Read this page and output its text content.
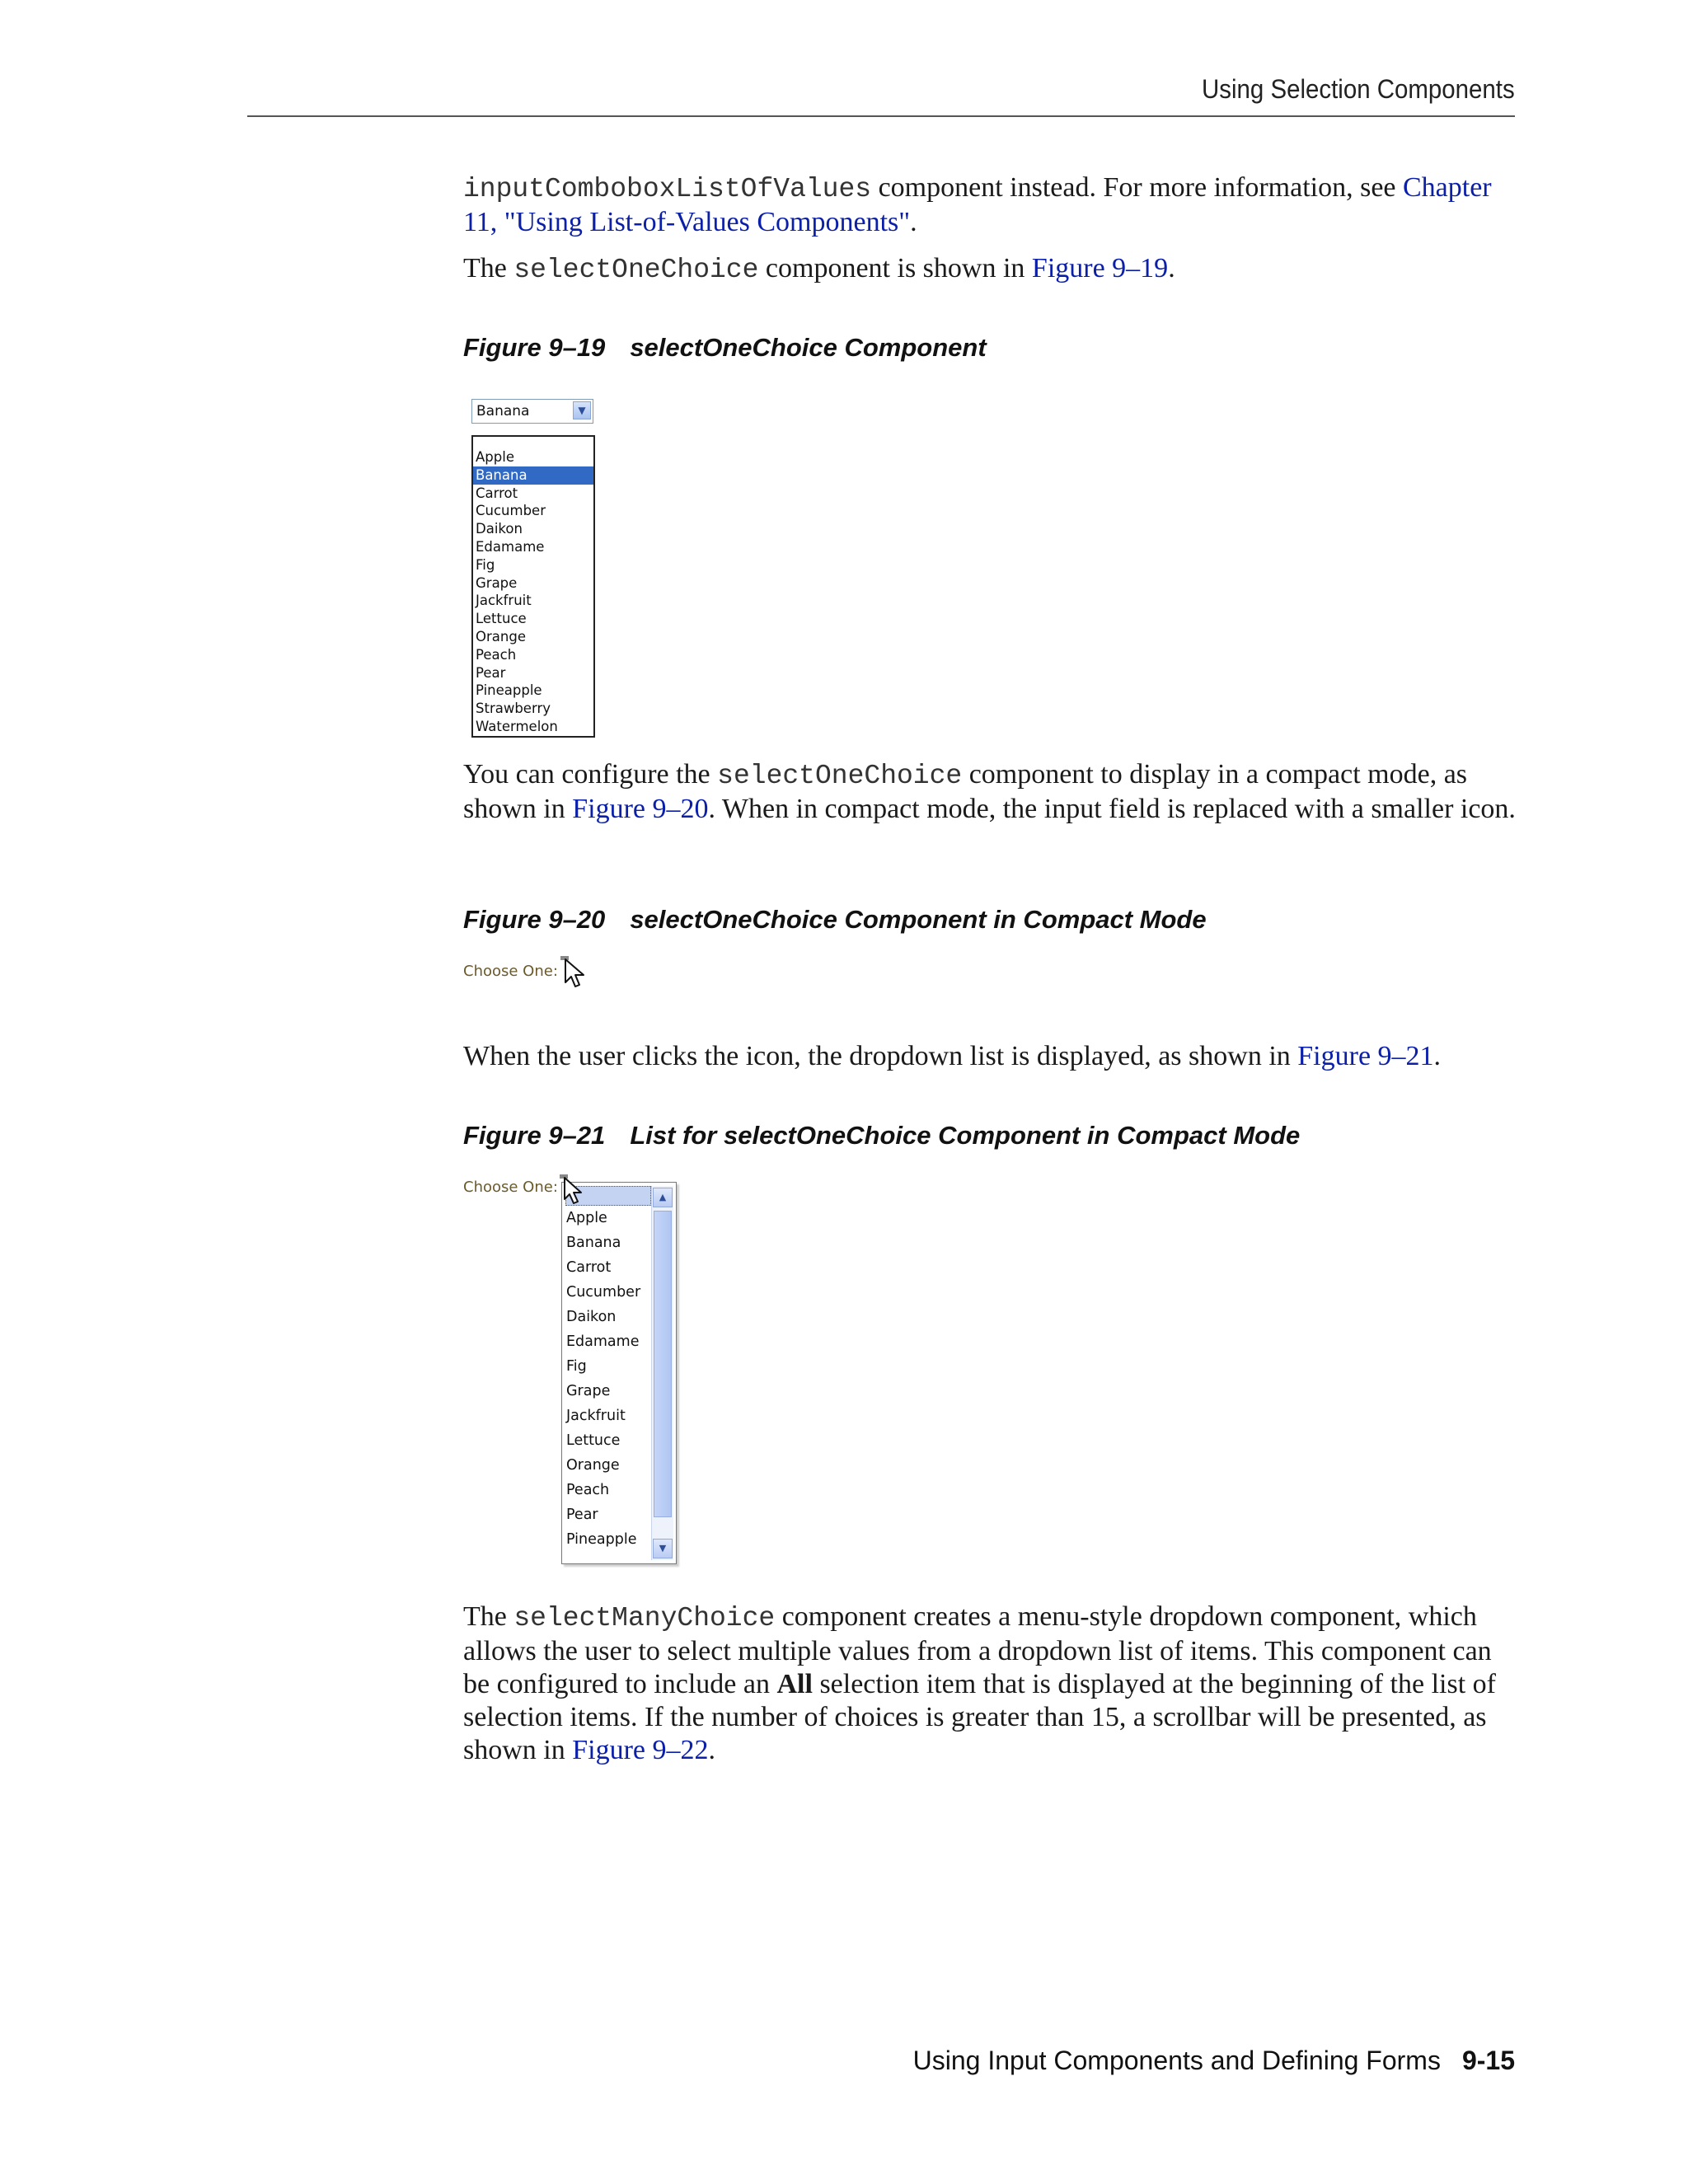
Using Selection Components

inputComboboxListOfValues component instead. For more information, see Chapter 11, "Using List-of-Values Components".

The selectOneChoice component is shown in Figure 9–19.

Figure 9–19 selectOneChoice Component
Banana	▼
Apple
Banana
Carrot
Cucumber
Daikon
Edamame
Fig
Grape
Jackfruit
Lettuce
Orange
Peach
Pear
Pineapple
Strawberry
Watermelon

You can configure the selectOneChoice component to display in a compact mode, as shown in Figure 9–20. When in compact mode, the input field is replaced with a smaller icon.

Figure 9–20 selectOneChoice Component in Compact Mode
Choose One:

When the user clicks the icon, the dropdown list is displayed, as shown in Figure 9–21.

Figure 9–21 List for selectOneChoice Component in Compact Mode
Choose One:
Apple
Banana
Carrot
Cucumber
Daikon
Edamame
Fig
Grape
Jackfruit
Lettuce
Orange
Peach
Pear
Pineapple
▲
▼

The selectManyChoice component creates a menu-style dropdown component, which allows the user to select multiple values from a dropdown list of items. This component can be configured to include an All selection item that is displayed at the beginning of the list of selection items. If the number of choices is greater than 15, a scrollbar will be presented, as shown in Figure 9–22.

Using Input Components and Defining Forms 9-15
